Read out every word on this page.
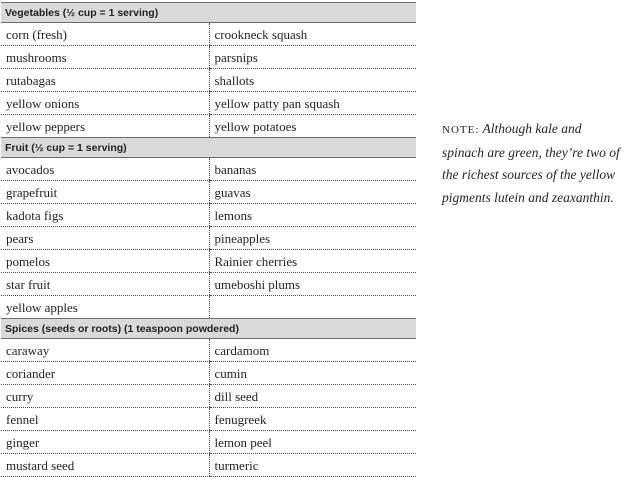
Vegetables (½ cup = 1 serving)	
corn (fresh)	crookneck squash
mushrooms	parsnips
rutabagas	shallots
yellow onions	yellow patty pan squash
yellow peppers	yellow potatoes
Fruit (½ cup = 1 serving)	
avocados	bananas
grapefruit	guavas
kadota figs	lemons
pears	pineapples
pomelos	Rainier cherries
star fruit	umeboshi plums
yellow apples	
Spices (seeds or roots) (1 teaspoon powdered)	
caraway	cardamom
coriander	cumin
curry	dill seed
fennel	fenugreek
ginger	lemon peel
mustard seed	turmeric

NOTE: Although kale and spinach are green, they’re two of the richest sources of the yellow pigments lutein and zeaxanthin.
